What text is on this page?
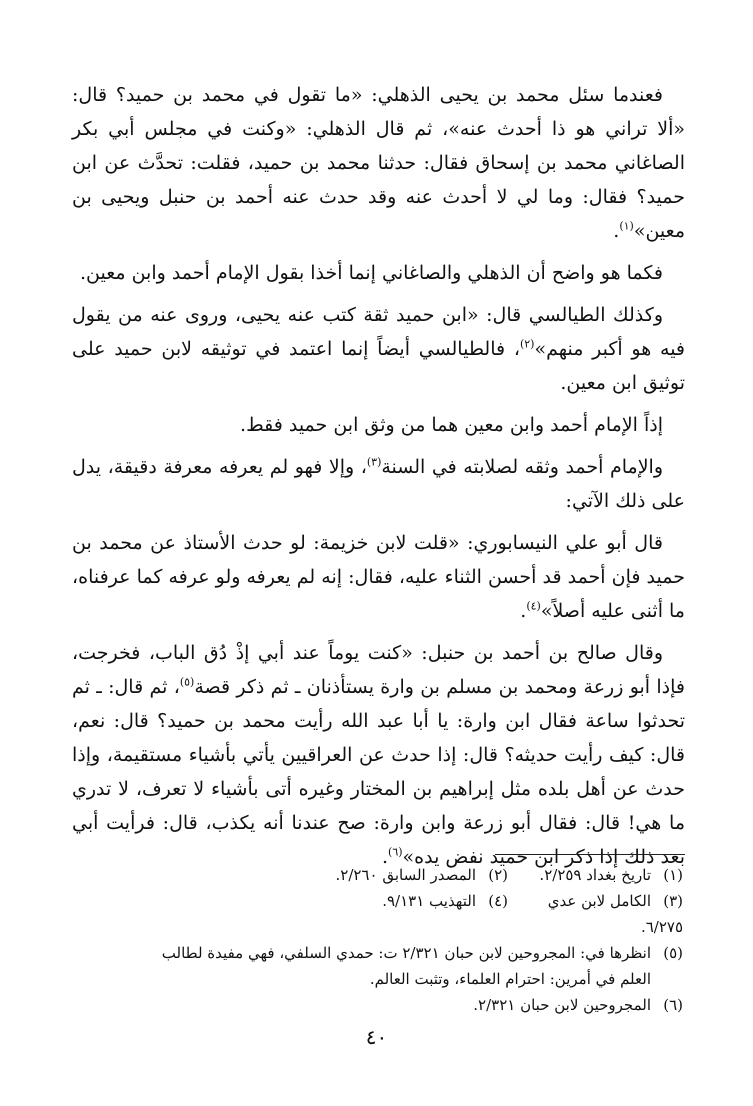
فعندما سئل محمد بن يحيى الذهلي: «ما تقول في محمد بن حميد؟ قال: «ألا تراني هو ذا أحدث عنه»، ثم قال الذهلي: «وكنت في مجلس أبي بكر الصاغاني محمد بن إسحاق فقال: حدثنا محمد بن حميد، فقلت: تحدَّث عن ابن حميد؟ فقال: وما لي لا أحدث عنه وقد حدث عنه أحمد بن حنبل ويحيى بن معين»$^{(١)}$.

فكما هو واضح أن الذهلي والصاغاني إنما أخذا بقول الإمام أحمد وابن معين.

وكذلك الطيالسي قال: «ابن حميد ثقة كتب عنه يحيى، وروى عنه من يقول فيه هو أكبر منهم»$^{(٢)}$، فالطيالسي أيضاً إنما اعتمد في توثيقه لابن حميد على توثيق ابن معين.

إذاً الإمام أحمد وابن معين هما من وثق ابن حميد فقط.

والإمام أحمد وثقه لصلابته في السنة$^{(٣)}$، وإلا فهو لم يعرفه معرفة دقيقة، يدل على ذلك الآتي:

قال أبو علي النيسابوري: «قلت لابن خزيمة: لو حدث الأستاذ عن محمد بن حميد فإن أحمد قد أحسن الثناء عليه، فقال: إنه لم يعرفه ولو عرفه كما عرفناه، ما أثنى عليه أصلاً»$^{(٤)}$.

وقال صالح بن أحمد بن حنبل: «كنت يوماً عند أبي إذْ دُق الباب، فخرجت، فإذا أبو زرعة ومحمد بن مسلم بن وارة يستأذنان ـ ثم ذكر قصة$^{(٥)}$، ثم قال: ـ ثم تحدثوا ساعة فقال ابن وارة: يا أبا عبد الله رأيت محمد بن حميد؟ قال: نعم، قال: كيف رأيت حديثه؟ قال: إذا حدث عن العراقيين يأتي بأشياء مستقيمة، وإذا حدث عن أهل بلده مثل إبراهيم بن المختار وغيره أتى بأشياء لا تعرف، لا تدري ما هي! قال: فقال أبو زرعة وابن وارة: صح عندنا أنه يكذب، قال: فرأيت أبي بعد ذلك إذا ذكر ابن حميد نفض يده»$^{(٦)}$.

(١)تاريخ بغداد ٢/٢٥٩.
(٢)المصدر السابق ٢/٢٦٠.
(٣)الكامل لابن عدي ٦/٢٧٥.
(٤)التهذيب ٩/١٣١.
(٥)انظرها في: المجروحين لابن حبان ٢/٣٢١ ت: حمدي السلفي، فهي مفيدة لطالب
العلم في أمرين: احترام العلماء، وتثبت العالم.
(٦)المجروحين لابن حبان ٢/٣٢١.
٤٠
